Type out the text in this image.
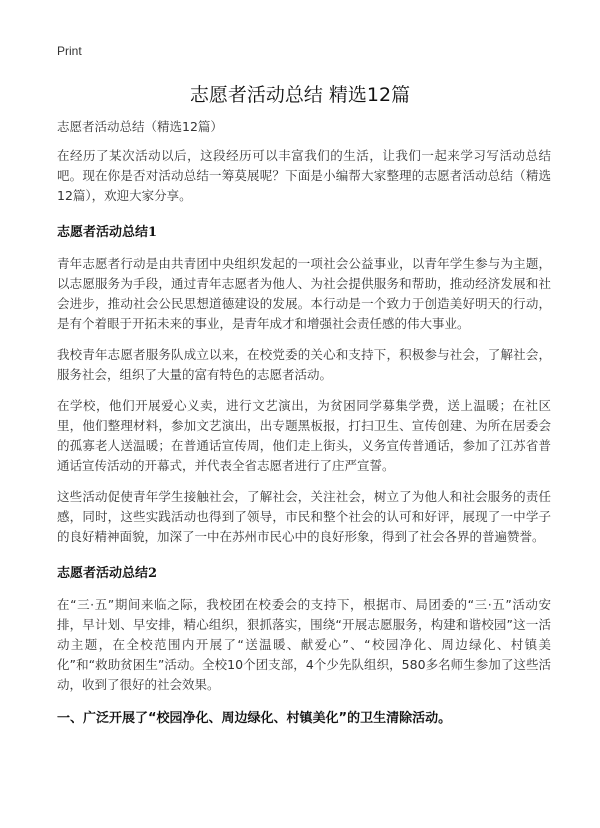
Print
志愿者活动总结 精选12篇

志愿者活动总结（精选12篇）

在经历了某次活动以后，这段经历可以丰富我们的生活，让我们一起来学习写活动总结吧。现在你是否对活动总结一筹莫展呢？下面是小编帮大家整理的志愿者活动总结（精选12篇），欢迎大家分享。

志愿者活动总结1

青年志愿者行动是由共青团中央组织发起的一项社会公益事业，以青年学生参与为主题，以志愿服务为手段，通过青年志愿者为他人、为社会提供服务和帮助，推动经济发展和社会进步，推动社会公民思想道德建设的发展。本行动是一个致力于创造美好明天的行动，是有个着眼于开拓未来的事业，是青年成才和增强社会责任感的伟大事业。

我校青年志愿者服务队成立以来，在校党委的关心和支持下，积极参与社会，了解社会，服务社会，组织了大量的富有特色的志愿者活动。

在学校，他们开展爱心义卖，进行文艺演出，为贫困同学募集学费，送上温暖；在社区里，他们整理材料，参加文艺演出，出专题黑板报，打扫卫生、宣传创建、为所在居委会的孤寡老人送温暖；在普通话宣传周，他们走上街头，义务宣传普通话，参加了江苏省普通话宣传活动的开幕式，并代表全省志愿者进行了庄严宣誓。

这些活动促使青年学生接触社会，了解社会，关注社会，树立了为他人和社会服务的责任感，同时，这些实践活动也得到了领导，市民和整个社会的认可和好评，展现了一中学子的良好精神面貌，加深了一中在苏州市民心中的良好形象，得到了社会各界的普遍赞誉。

志愿者活动总结2

在“三·五”期间来临之际，我校团在校委会的支持下，根据市、局团委的“三·五”活动安排，早计划、早安排，精心组织，狠抓落实，围绕“开展志愿服务，构建和谐校园”这一活动主题，在全校范围内开展了“送温暖、献爱心”、“校园净化、周边绿化、村镇美化”和“救助贫困生”活动。全校10个团支部，4个少先队组织，580多名师生参加了这些活动，收到了很好的社会效果。

一、广泛开展了“校园净化、周边绿化、村镇美化”的卫生清除活动。
